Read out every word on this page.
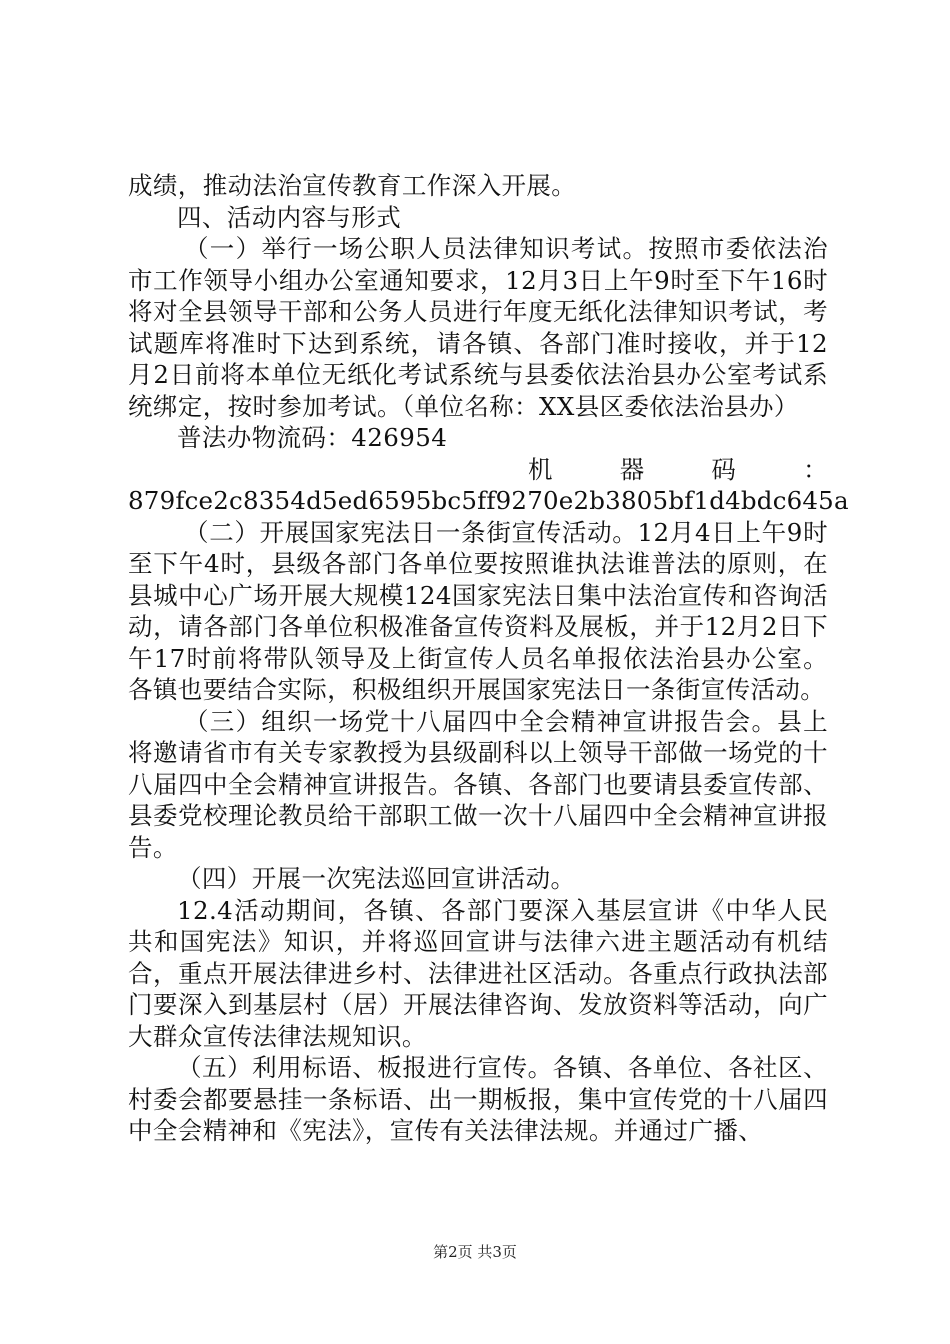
成绩，推动法治宣传教育工作深入开展。

四、活动内容与形式

（一）举行一场公职人员法律知识考试。按照市委依法治市工作领导小组办公室通知要求，12月3日上午9时至下午16时将对全县领导干部和公务人员进行年度无纸化法律知识考试，考试题库将准时下达到系统，请各镇、各部门准时接收，并于12月2日前将本单位无纸化考试系统与县委依法治县办公室考试系统绑定，按时参加考试。（单位名称：XX县区委依法治县办）

普法办物流码：426954

机	器	码	：

879fce2c8354d5ed6595bc5ff9270e2b3805bf1d4bdc645a

（二）开展国家宪法日一条街宣传活动。12月4日上午9时至下午4时，县级各部门各单位要按照谁执法谁普法的原则，在县城中心广场开展大规模124国家宪法日集中法治宣传和咨询活动，请各部门各单位积极准备宣传资料及展板，并于12月2日下午17时前将带队领导及上街宣传人员名单报依法治县办公室。各镇也要结合实际，积极组织开展国家宪法日一条街宣传活动。

（三）组织一场党十八届四中全会精神宣讲报告会。县上将邀请省市有关专家教授为县级副科以上领导干部做一场党的十八届四中全会精神宣讲报告。各镇、各部门也要请县委宣传部、县委党校理论教员给干部职工做一次十八届四中全会精神宣讲报告。

（四）开展一次宪法巡回宣讲活动。

12.4活动期间，各镇、各部门要深入基层宣讲《中华人民共和国宪法》知识，并将巡回宣讲与法律六进主题活动有机结合，重点开展法律进乡村、法律进社区活动。各重点行政执法部门要深入到基层村（居）开展法律咨询、发放资料等活动，向广大群众宣传法律法规知识。

（五）利用标语、板报进行宣传。各镇、各单位、各社区、村委会都要悬挂一条标语、出一期板报，集中宣传党的十八届四中全会精神和《宪法》，宣传有关法律法规。并通过广播、

第2页 共3页
